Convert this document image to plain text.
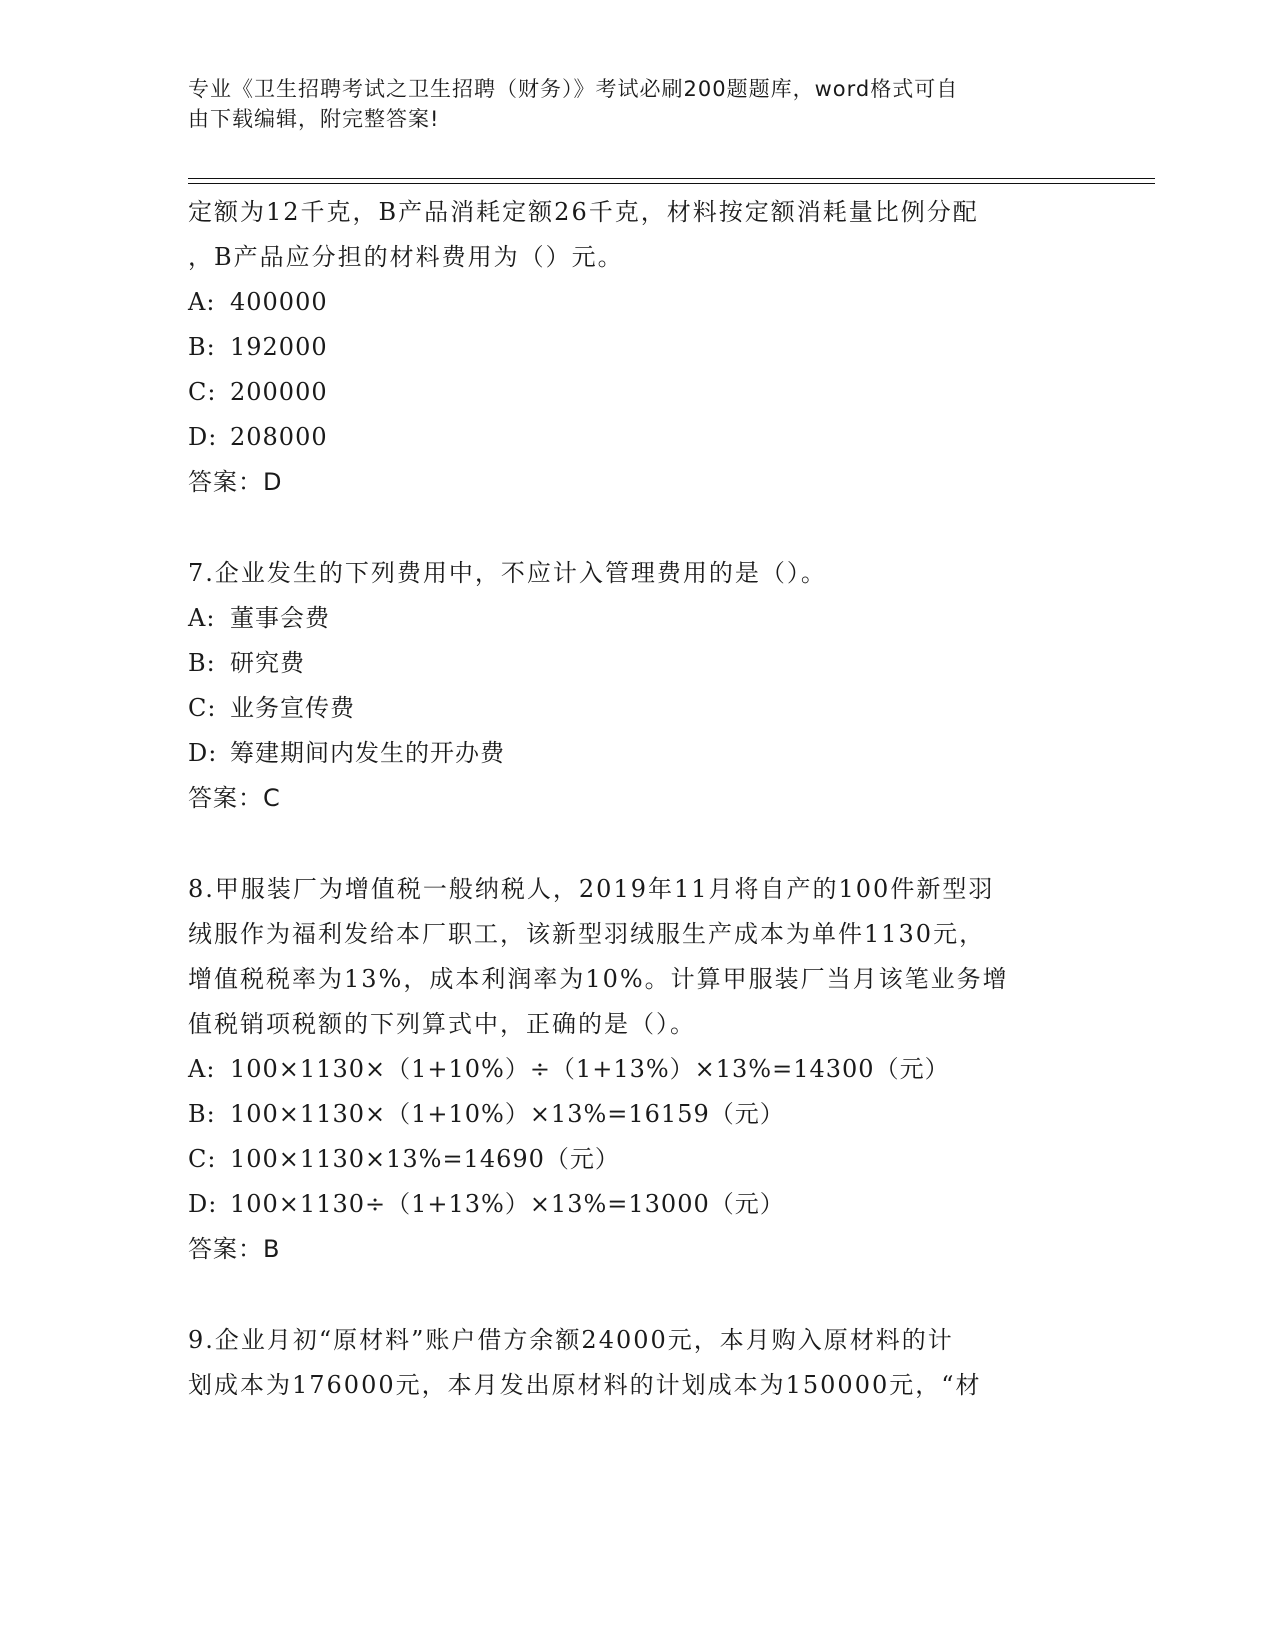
专业《卫生招聘考试之卫生招聘（财务）》考试必刷200题题库，word格式可自
由下载编辑，附完整答案!
定额为12千克，B产品消耗定额26千克，材料按定额消耗量比例分配
，B产品应分担的材料费用为（）元。
A: 400000
B: 192000
C: 200000
D: 208000
答案：D
7.企业发生的下列费用中，不应计入管理费用的是（）。
A: 董事会费
B: 研究费
C: 业务宣传费
D: 筹建期间内发生的开办费
答案：C
8.甲服装厂为增值税一般纳税人，2019年11月将自产的100件新型羽
绒服作为福利发给本厂职工，该新型羽绒服生产成本为单件1130元，
增值税税率为13%，成本利润率为10%。计算甲服装厂当月该笔业务增
值税销项税额的下列算式中，正确的是（）。
A: 100×1130×（1+10%）÷（1+13%）×13%=14300（元）
B: 100×1130×（1+10%）×13%=16159（元）
C: 100×1130×13%=14690（元）
D: 100×1130÷（1+13%）×13%=13000（元）
答案：B
9.企业月初“原材料”账户借方余额24000元，本月购入原材料的计
划成本为176000元，本月发出原材料的计划成本为150000元，“材
